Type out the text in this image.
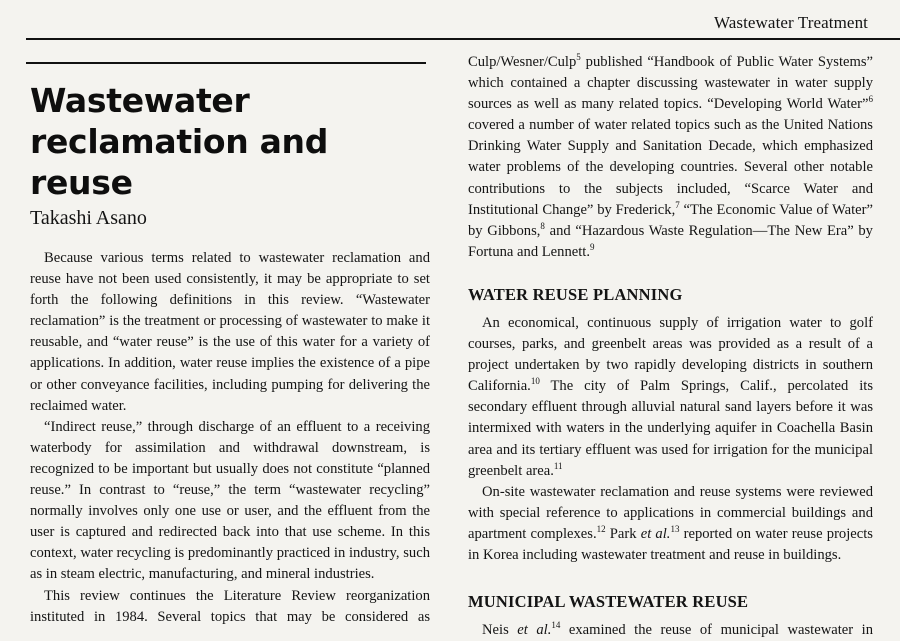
Wastewater Treatment
Wastewater
reclamation and
reuse
Takashi Asano

Because various terms related to wastewater reclamation and reuse have not been used consistently, it may be appropriate to set forth the following definitions in this review. “Wastewater reclamation” is the treatment or processing of wastewater to make it reusable, and “water reuse” is the use of this water for a variety of applications. In addition, water reuse implies the existence of a pipe or other conveyance facilities, including pumping for delivering the reclaimed water.

“Indirect reuse,” through discharge of an effluent to a receiving waterbody for assimilation and withdrawal downstream, is recognized to be important but usually does not constitute “planned reuse.” In contrast to “reuse,” the term “wastewater recycling” normally involves only one use or user, and the effluent from the user is captured and redirected back into that use scheme. In this context, water recycling is predominantly practiced in industry, such as in steam electric, manufacturing, and mineral industries.

This review continues the Literature Review reorganization

instituted in 1984. Several topics that may be considered as

Culp/Wesner/Culp$^5$ published “Handbook of Public Water Systems” which contained a chapter discussing wastewater in water supply sources as well as many related topics. “Developing World Water”$^6$ covered a number of water related topics such as the United Nations Drinking Water Supply and Sanitation Decade, which emphasized water problems of the developing countries. Several other notable contributions to the subjects included, “Scarce Water and Institutional Change” by Frederick,$^7$ “The Economic Value of Water” by Gibbons,$^8$ and “Hazardous Waste Regulation—The New Era” by Fortuna and Lennett.$^9$

WATER REUSE PLANNING

An economical, continuous supply of irrigation water to golf courses, parks, and greenbelt areas was provided as a result of a project undertaken by two rapidly developing districts in southern California.$^{10}$ The city of Palm Springs, Calif., percolated its secondary effluent through alluvial natural sand layers before it was intermixed with waters in the underlying aquifer in Coachella Basin area and its tertiary effluent was used for irrigation for the municipal greenbelt area.$^{11}$

On-site wastewater reclamation and reuse systems were reviewed with special reference to applications in commercial buildings and apartment complexes.$^{12}$ Park et al.$^{13}$ reported on water reuse projects in Korea including wastewater treatment and reuse in buildings.

MUNICIPAL WASTEWATER REUSE

Neis et al.$^{14}$ examined the reuse of municipal wastewater in
